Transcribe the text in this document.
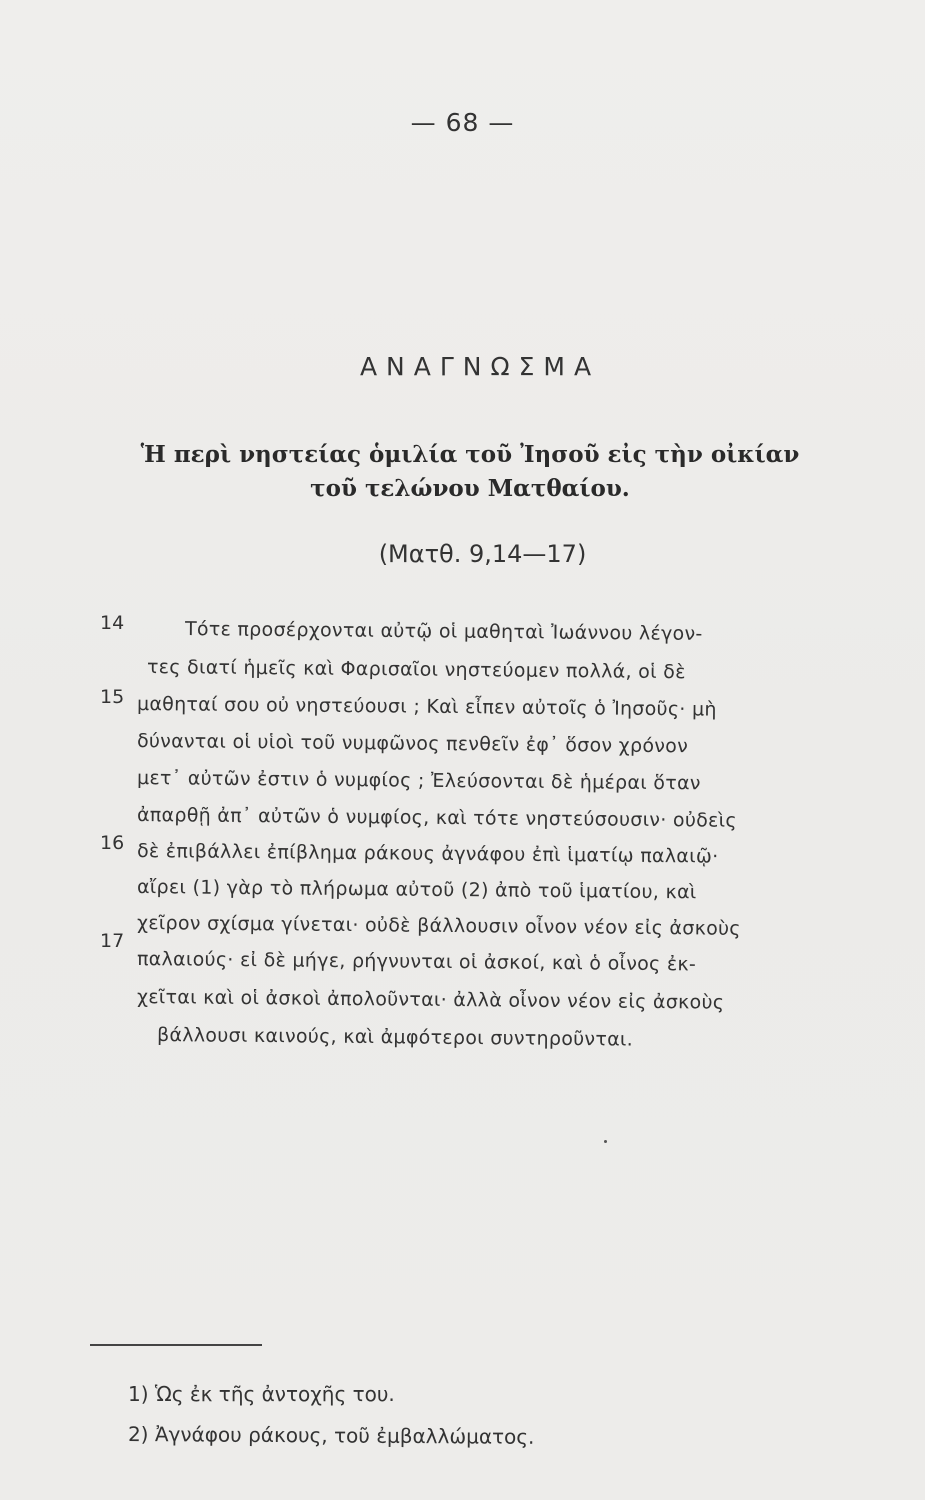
— 68 —
ΑΝΑΓΝΩΣΜΑ
Ἡ περὶ νηστείας ὁμιλία τοῦ Ἰησοῦ εἰς τὴν οἰκίαν
τοῦ τελώνου Ματθαίου.
(Ματθ. 9,14—17)
14
15
16
17
Τότε προσέρχονται αὐτῷ οἱ μαθηταὶ Ἰωάννου λέγον-
τες διατί ἡμεῖς καὶ Φαρισαῖοι νηστεύομεν πολλά, οἱ δὲ
μαθηταί σου οὐ νηστεύουσι ; Καὶ εἶπεν αὐτοῖς ὁ Ἰησοῦς· μὴ
δύνανται οἱ υἱοὶ τοῦ νυμφῶνος πενθεῖν ἐφ᾿ ὅσον χρόνον
μετ᾿ αὐτῶν ἐστιν ὁ νυμφίος ; Ἐλεύσονται δὲ ἡμέραι ὅταν
ἀπαρθῇ ἀπ᾿ αὐτῶν ὁ νυμφίος, καὶ τότε νηστεύσουσιν· οὐδεὶς
δὲ ἐπιβάλλει ἐπίβλημα ράκους ἀγνάφου ἐπὶ ἱματίῳ παλαιῷ·
αἴρει (1) γὰρ τὸ πλήρωμα αὐτοῦ (2) ἀπὸ τοῦ ἱματίου, καὶ
χεῖρον σχίσμα γίνεται· οὐδὲ βάλλουσιν οἶνον νέον εἰς ἀσκοὺς
παλαιούς· εἰ δὲ μήγε, ρήγνυνται οἱ ἀσκοί, καὶ ὁ οἶνος ἐκ-
χεῖται καὶ οἱ ἀσκοὶ ἀπολοῦνται· ἀλλὰ οἶνον νέον εἰς ἀσκοὺς
βάλλουσι καινούς, καὶ ἀμφότεροι συντηροῦνται.
1) Ὡς ἐκ τῆς ἀντοχῆς του.
2) Ἀγνάφου ράκους, τοῦ ἐμβαλλώματος.
